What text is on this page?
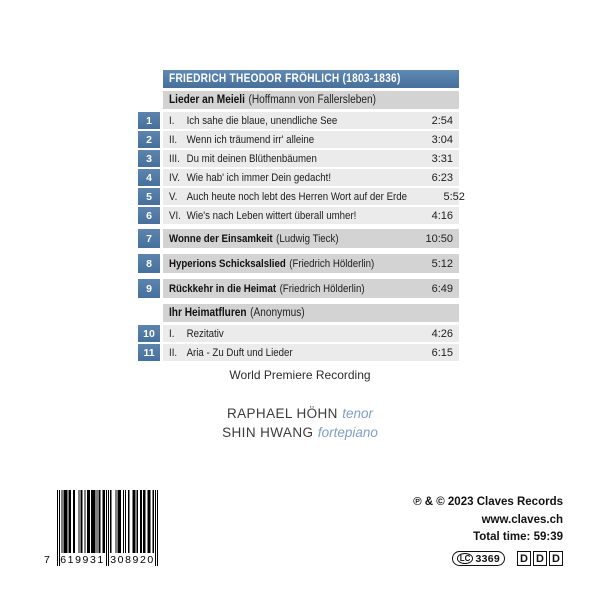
FRIEDRICH THEODOR FRÖHLICH (1803-1836)
Lieder an Meieli (Hoffmann von Fallersleben)
1	I.	Ich sahe die blaue, unendliche See	2:54
2	II. Wenn ich träumend irr' alleine	3:04
3	III. Du mit deinen Blüthenbäumen	3:31
4	IV. Wie hab' ich immer Dein gedacht!	6:23
5	V. Auch heute noch lebt des Herren Wort auf der Erde	5:52
6	VI. Wie's nach Leben wittert überall umher!	4:16
7	Wonne der Einsamkeit (Ludwig Tieck)	10:50
8	Hyperions Schicksalslied (Friedrich Hölderlin)	5:12
9	Rückkehr in die Heimat (Friedrich Hölderlin)	6:49
Ihr Heimatfluren (Anonymus)
10	I.	Rezitativ	4:26
11	II. Aria - Zu Duft und Lieder	6:15
World Premiere Recording
RAPHAEL HÖHN tenor
SHIN HWANG fortepiano
7 619931 308920
℗ & © 2023 Claves Records
www.claves.ch
Total time: 59:39
LC 3369 D D D
